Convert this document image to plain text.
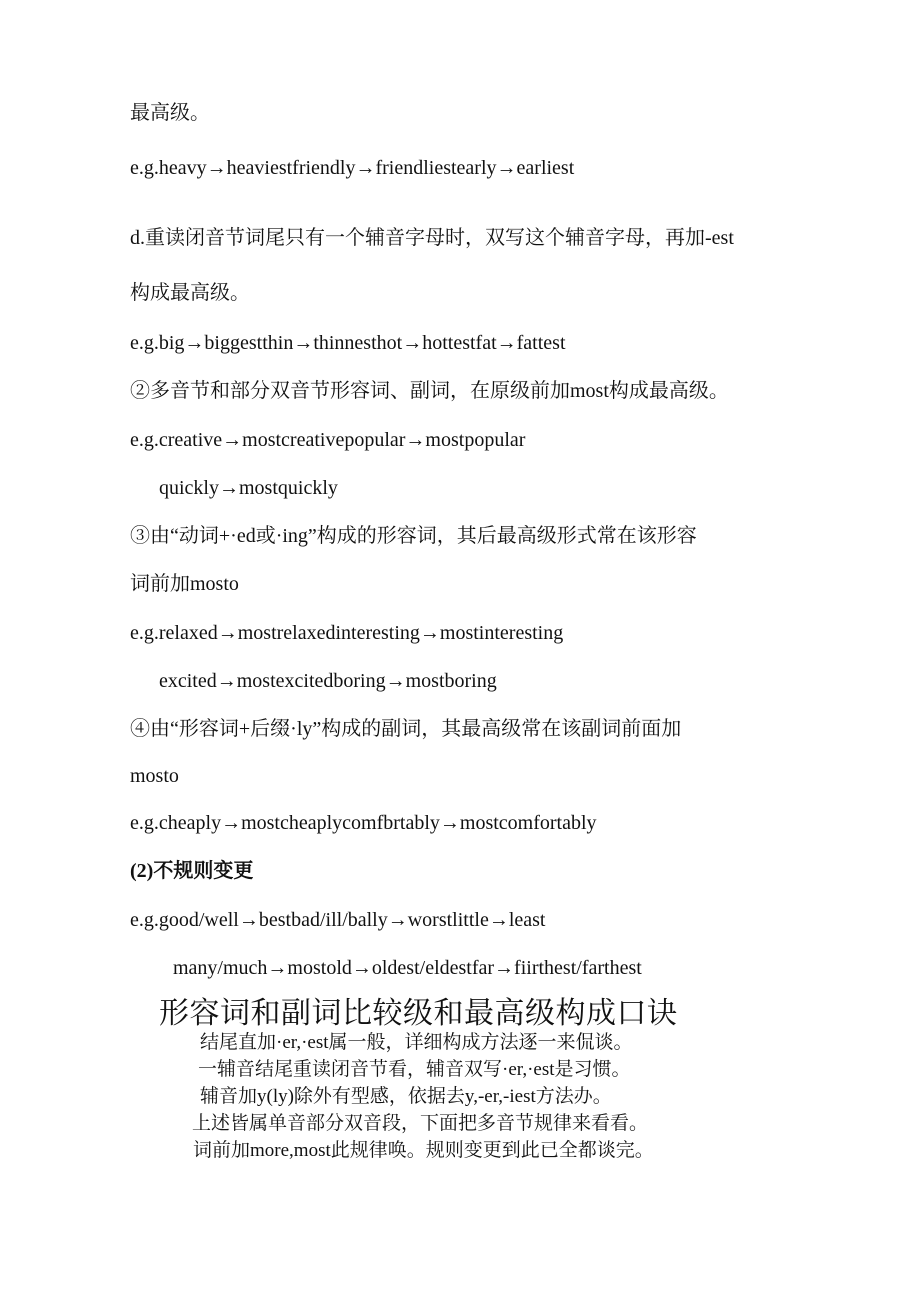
最高级。
e.g.heavy→heaviestfriendly→friendliestearly→earliest
d.重读闭音节词尾只有一个辅音字母时，双写这个辅音字母，再加-est
构成最高级。
e.g.big→biggestthin→thinnesthot→hottestfat→fattest
②多音节和部分双音节形容词、副词，在原级前加most构成最高级。
e.g.creative→mostcreativepopular→mostpopular
quickly→mostquickly
③由“动词+·ed或·ing”构成的形容词，其后最高级形式常在该形容
词前加mosto
e.g.relaxed→mostrelaxedinteresting→mostinteresting
excited→mostexcitedboring→mostboring
④由“形容词+后缀·ly”构成的副词，其最高级常在该副词前面加
mosto
e.g.cheaply→mostcheaplycomfbrtably→mostcomfortably
(2)不规则变更
e.g.good/well→bestbad/ill/bally→worstlittle→least
many/much→mostold→oldest/eldestfar→fiirthest/farthest
形容词和副词比较级和最高级构成口诀
结尾直加·er,·est属一般，详细构成方法逐一来侃谈。
一辅音结尾重读闭音节看，辅音双写·er,·est是习惯。
辅音加y(ly)除外有型感，依据去y,-er,-iest方法办。
上述皆属单音部分双音段，下面把多音节规律来看看。
词前加more,most此规律唤。规则变更到此已全都谈完。
